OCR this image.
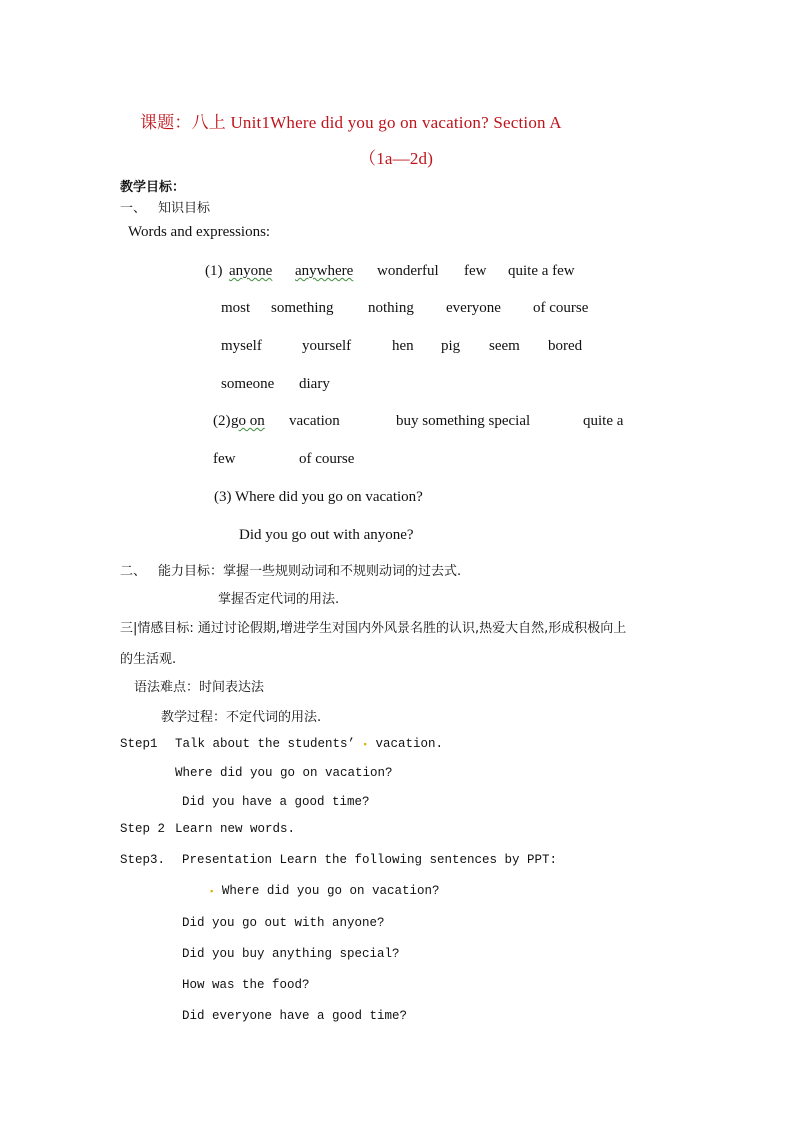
课题：八上 Unit1Where did you go on vacation? Section A
（1a—2d)
教学目标：
一、 知识目标
Words and expressions:
(1) anyone anywhere wonderful few quite a few
most something nothing everyone of course
myself	yourself	hen pig seem bored
someone diary
(2) go on vacation	buy something special	quite a
few	of course
(3) Where did you go on vacation?
Did you go out with anyone?
二、 能力目标：掌握一些规则动词和不规则动词的过去式.
掌握否定代词的用法.
三|情感目标: 通过讨论假期,增进学生对国内外风景名胜的认识,热爱大自然,形成积极向上
的生活观.
语法难点：时间表达法
教学过程：不定代词的用法.
Step1 Talk about the students’ ▪ vacation.
Where did you go on vacation?
Did you have a good time?
Step 2 Learn new words.
Step3. Presentation Learn the following sentences by PPT:
▪ Where did you go on vacation?
Did you go out with anyone?
Did you buy anything special?
How was the food?
Did everyone have a good time?
